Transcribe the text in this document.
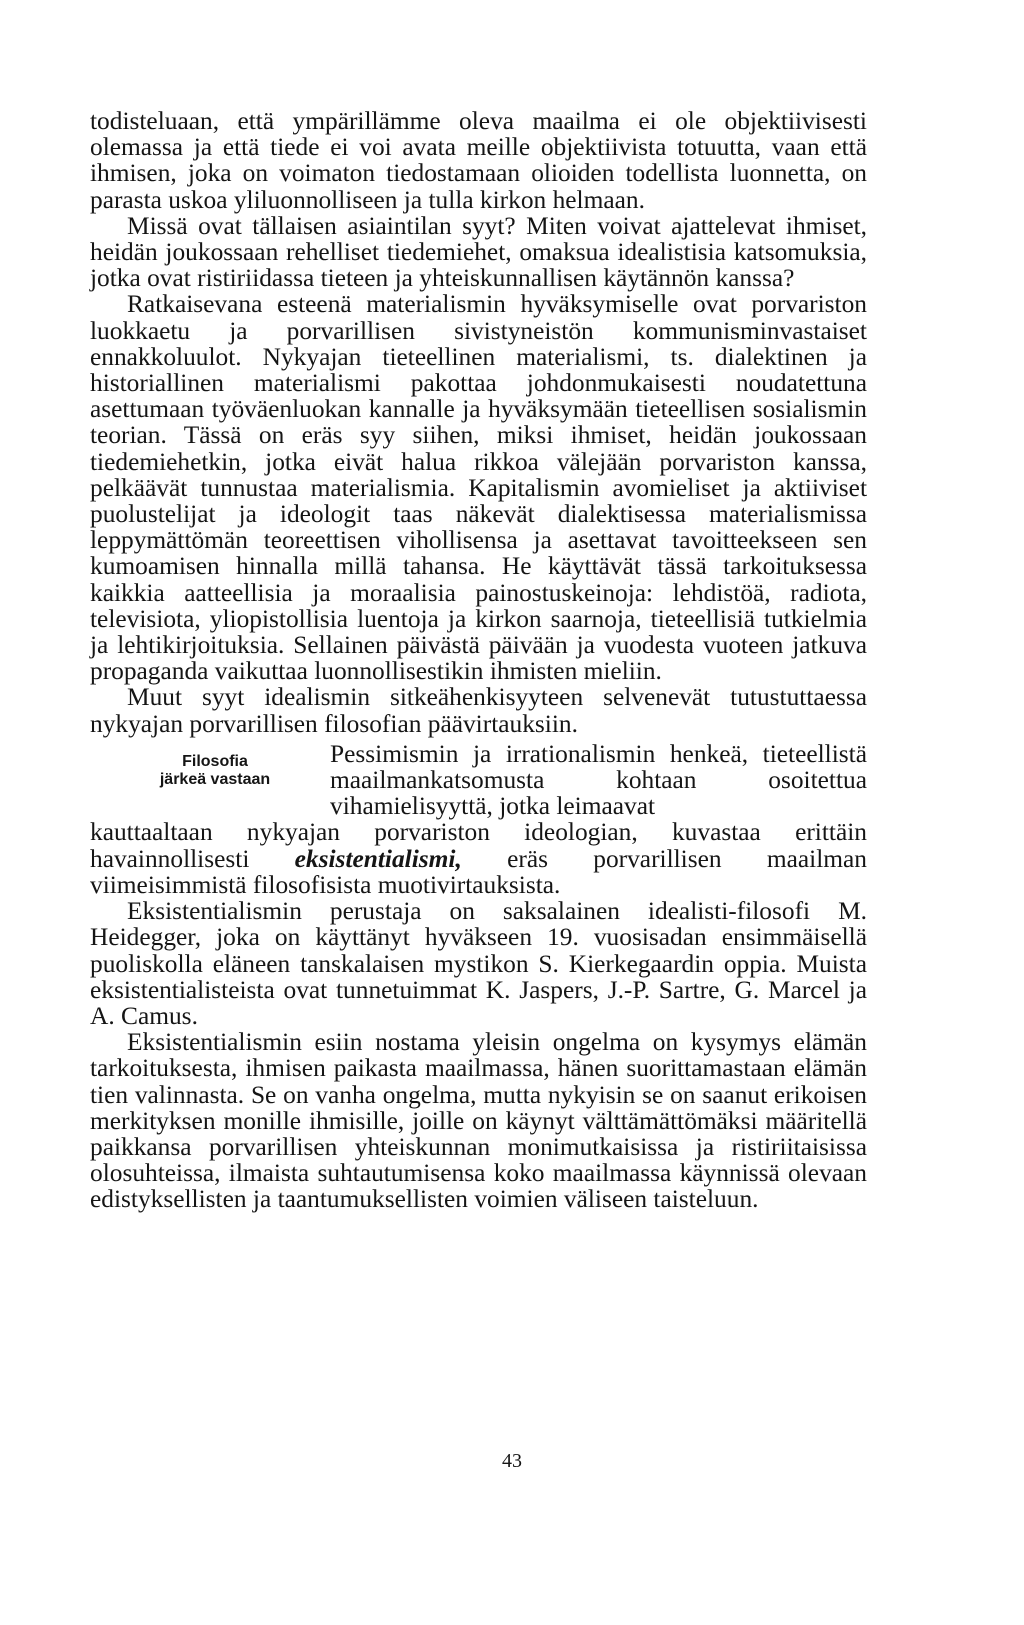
todisteluaan, että ympärillämme oleva maailma ei ole objektiivisesti olemassa ja että tiede ei voi avata meille objektiivista totuutta, vaan että ihmisen, joka on voimaton tiedostamaan olioiden todellista luonnetta, on parasta uskoa yliluonnolliseen ja tulla kirkon helmaan.

Missä ovat tällaisen asiaintilan syyt? Miten voivat ajattelevat ihmiset, heidän joukossaan rehelliset tiedemiehet, omaksua idealistisia katsomuksia, jotka ovat ristiriidassa tieteen ja yhteiskunnallisen käytännön kanssa?

Ratkaisevana esteenä materialismin hyväksymiselle ovat porvariston luokkaetu ja porvarillisen sivistyneistön kommunisminvastaiset ennakkoluulot. Nykyajan tieteellinen materialismi, ts. dialektinen ja historiallinen materialismi pakottaa johdonmukaisesti noudatettuna asettumaan työväenluokan kannalle ja hyväksymään tieteellisen sosialismin teorian. Tässä on eräs syy siihen, miksi ihmiset, heidän joukossaan tiedemiehetkin, jotka eivät halua rikkoa välejään porvariston kanssa, pelkäävät tunnustaa materialismia. Kapitalismin avomieliset ja aktiiviset puolustelijat ja ideologit taas näkevät dialektisessa materialismissa leppymättömän teoreettisen vihollisensa ja asettavat tavoitteekseen sen kumoamisen hinnalla millä tahansa. He käyttävät tässä tarkoituksessa kaikkia aatteellisia ja moraalisia painostuskeinoja: lehdistöä, radiota, televisiota, yliopistollisia luentoja ja kirkon saarnoja, tieteellisiä tutkielmia ja lehtikirjoituksia. Sellainen päivästä päivään ja vuodesta vuoteen jatkuva propaganda vaikuttaa luonnollisestikin ihmisten mieliin.

Muut syyt idealismin sitkeähenkisyyteen selvenevät tutustuttaessa nykyajan porvarillisen filosofian päävirtauksiin.

Filosofia
järkeä vastaan
Pessimismin ja irrationalismin henkeä, tieteellistä maailmankatsomusta kohtaan osoitettua vihamielisyyttä, jotka leimaavat

kauttaaltaan nykyajan porvariston ideologian, kuvastaa erittäin havainnollisesti eksistentialismi, eräs porvarillisen maailman viimeisimmistä filosofisista muotivirtauksista.

Eksistentialismin perustaja on saksalainen idealisti-filosofi M. Heidegger, joka on käyttänyt hyväkseen 19. vuosisadan ensimmäisellä puoliskolla eläneen tanskalaisen mystikon S. Kierkegaardin oppia. Muista eksistentialisteista ovat tunnetuimmat K. Jaspers, J.-P. Sartre, G. Marcel ja A. Camus.

Eksistentialismin esiin nostama yleisin ongelma on kysymys elämän tarkoituksesta, ihmisen paikasta maailmassa, hänen suorittamastaan elämän tien valinnasta. Se on vanha ongelma, mutta nykyisin se on saanut erikoisen merkityksen monille ihmisille, joille on käynyt välttämättömäksi määritellä paikkansa porvarillisen yhteiskunnan monimutkaisissa ja ristiriitaisissa olosuhteissa, ilmaista suhtautumisensa koko maailmassa käynnissä olevaan edistyksellisten ja taantumuksellisten voimien väliseen taisteluun.

43
